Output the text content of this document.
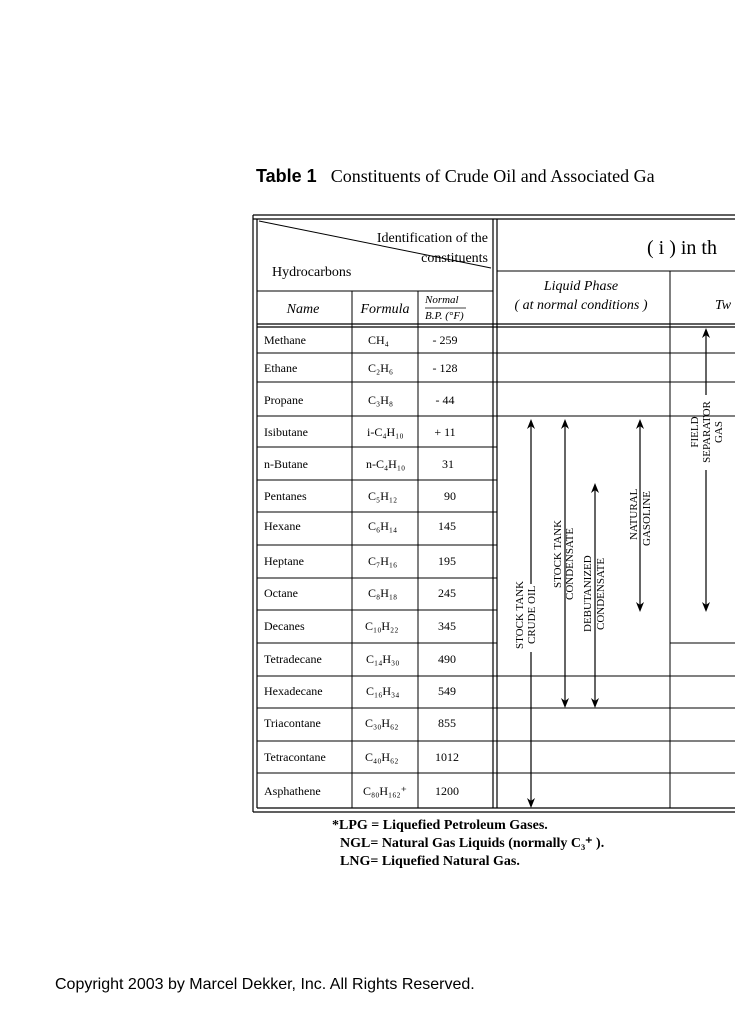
Table 1 Constituents of Crude Oil and Associated Ga
Identification of the
constituents
Hydrocarbons
Name	Formula
Normal
B.P. (°F)
( i ) in th
Liquid Phase
( at normal conditions )	Tw
Methane	CH₄	- 259
Ethane	C₂H₆	- 128
Propane	C₃H₈	- 44
Isibutane	i-C₄H₁₀	+ 11
n-Butane	n-C₄H₁₀	31
Pentanes	C₅H₁₂	90
Hexane	C₆H₁₄	145
Heptane	C₇H₁₆	195
Octane	C₈H₁₈	245
Decanes	C₁₀H₂₂	345
Tetradecane	C₁₄H₃₀	490
Hexadecane	C₁₆H₃₄	549
Triacontane	C₃₀H₆₂	855
Tetracontane	C₄₀H₆₂	1012
Asphathene	C₈₀H₁₆₂⁺ 1200
STOCK TANK CRUDE OIL
STOCK TANK CONDENSATE DEBUTANIZED CONDENSATE
NATURAL GASOLINE
FIELD SEPARATOR GAS
*LPG = Liquefied Petroleum Gases.
NGL= Natural Gas Liquids (normally C₃⁺ ).
LNG= Liquefied Natural Gas.
Copyright 2003 by Marcel Dekker, Inc. All Rights Reserved.
